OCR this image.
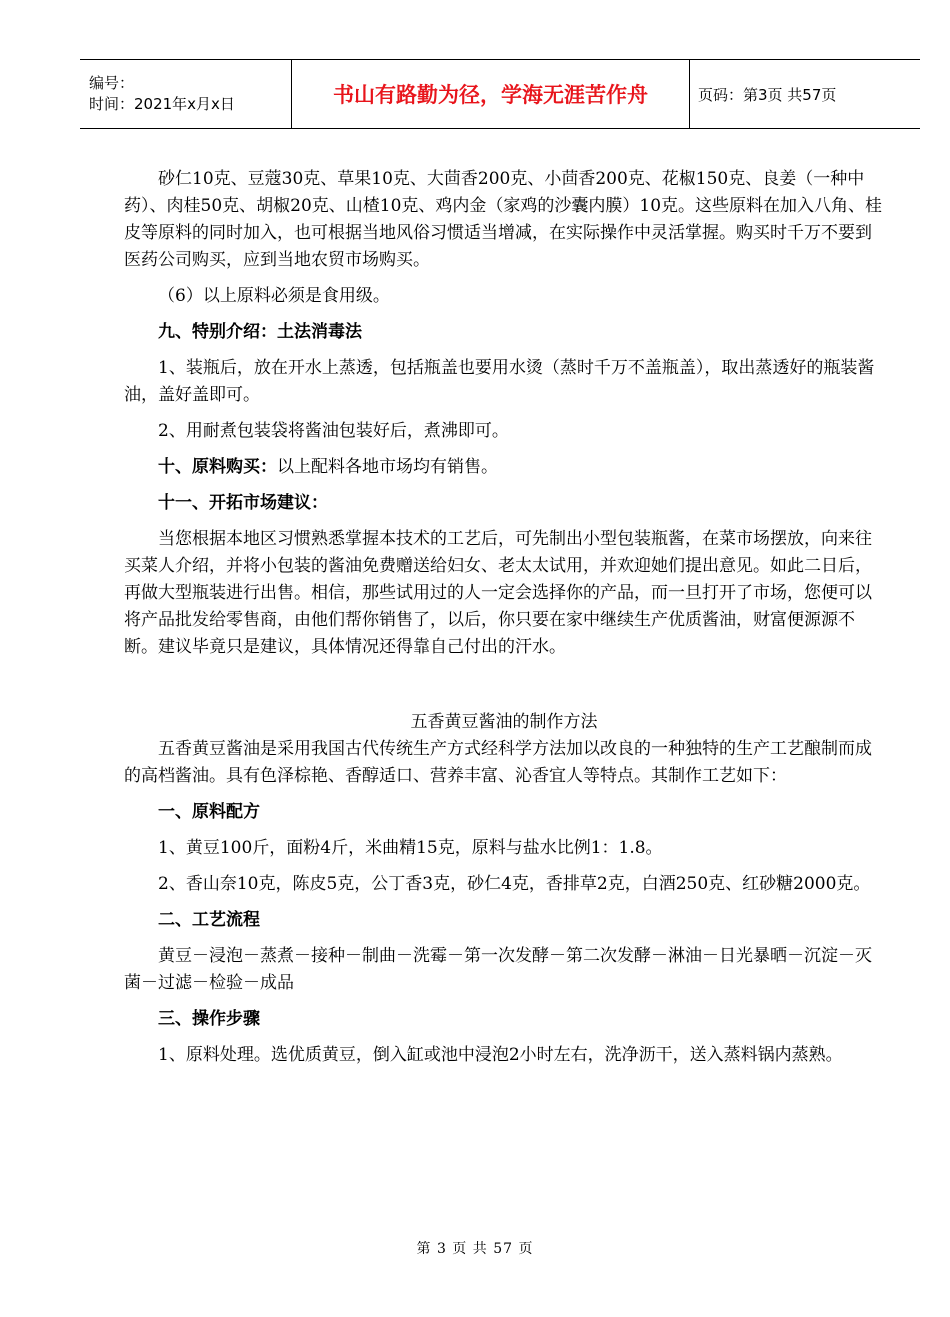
编号：
时间：2021年x月x日	书山有路勤为径，学海无涯苦作舟	页码：第3页 共57页

砂仁10克、豆蔻30克、草果10克、大茴香200克、小茴香200克、花椒150克、良姜（一种中药）、肉桂50克、胡椒20克、山楂10克、鸡内金（家鸡的沙囊内膜）10克。这些原料在加入八角、桂皮等原料的同时加入，也可根据当地风俗习惯适当增减，在实际操作中灵活掌握。购买时千万不要到医药公司购买，应到当地农贸市场购买。

（6）以上原料必须是食用级。

九、特别介绍：土法消毒法

1、装瓶后，放在开水上蒸透，包括瓶盖也要用水烫（蒸时千万不盖瓶盖），取出蒸透好的瓶装酱油，盖好盖即可。

2、用耐煮包装袋将酱油包装好后，煮沸即可。

十、原料购买：以上配料各地市场均有销售。

十一、开拓市场建议：

当您根据本地区习惯熟悉掌握本技术的工艺后，可先制出小型包装瓶酱，在菜市场摆放，向来往买菜人介绍，并将小包装的酱油免费赠送给妇女、老太太试用，并欢迎她们提出意见。如此二日后，再做大型瓶装进行出售。相信，那些试用过的人一定会选择你的产品，而一旦打开了市场，您便可以将产品批发给零售商，由他们帮你销售了，以后，你只要在家中继续生产优质酱油，财富便源源不断。建议毕竟只是建议，具体情况还得靠自己付出的汗水。

五香黄豆酱油的制作方法

五香黄豆酱油是采用我国古代传统生产方式经科学方法加以改良的一种独特的生产工艺酿制而成的高档酱油。具有色泽棕艳、香醇适口、营养丰富、沁香宜人等特点。其制作工艺如下：

一、原料配方

1、黄豆100斤，面粉4斤，米曲精15克，原料与盐水比例1：1.8。

2、香山奈10克，陈皮5克，公丁香3克，砂仁4克，香排草2克，白酒250克、红砂糖2000克。

二、工艺流程

黄豆－浸泡－蒸煮－接种－制曲－洗霉－第一次发酵－第二次发酵－淋油－日光暴晒－沉淀－灭菌－过滤－检验－成品

三、操作步骤

1、原料处理。选优质黄豆，倒入缸或池中浸泡2小时左右，洗净沥干，送入蒸料锅内蒸熟。

第 3 页 共 57 页
